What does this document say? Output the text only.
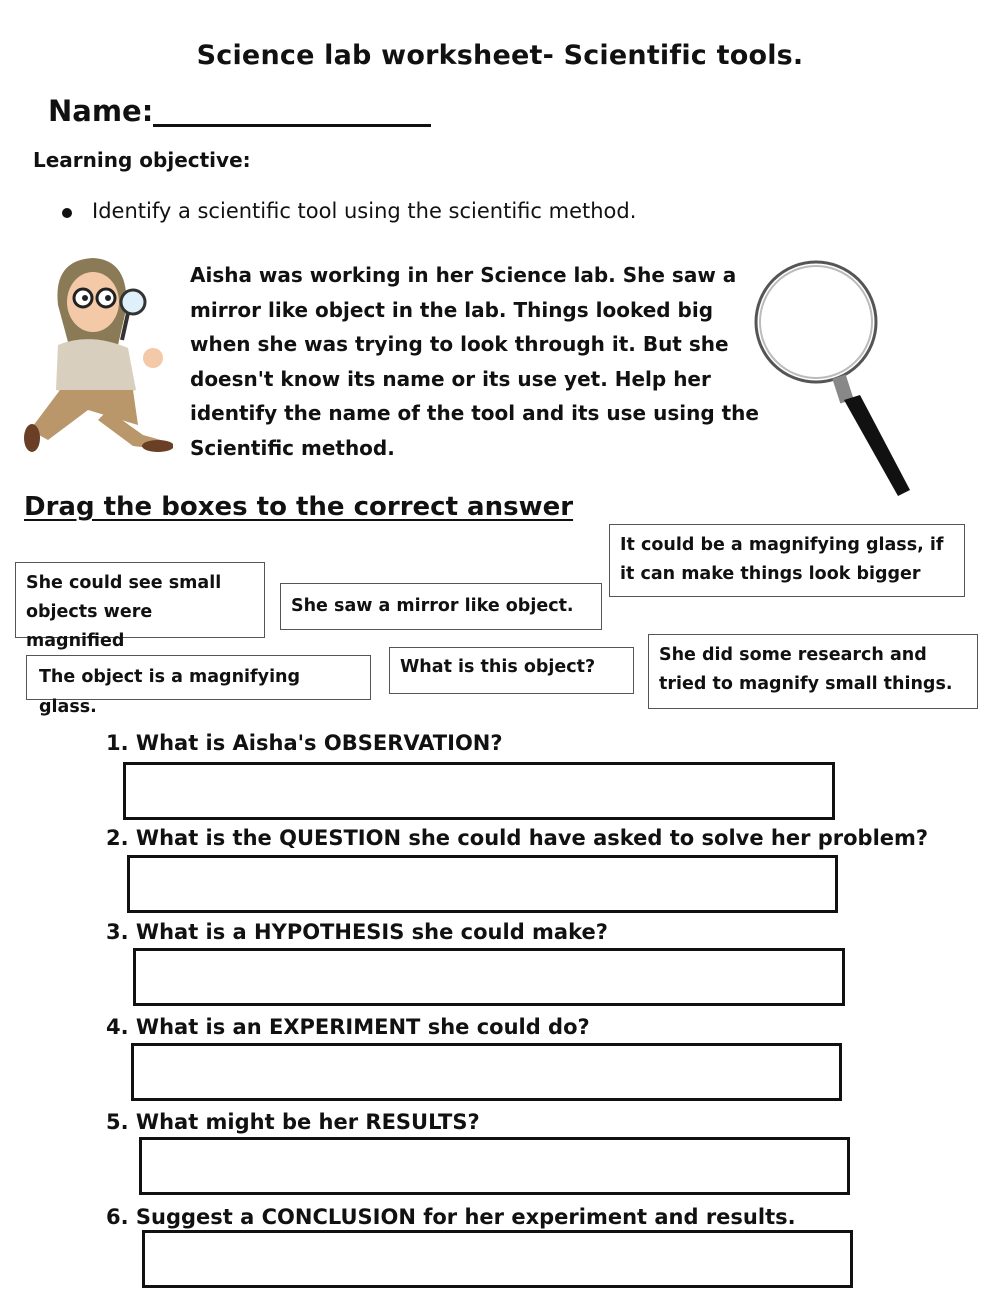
Science lab worksheet- Scientific tools.
Name:
Learning objective:
Identify a scientific tool using the scientific method.
Aisha was working in her Science lab. She saw a mirror like object in the lab. Things looked big when she was trying to look through it. But she doesn't know its name or its use yet. Help her identify the name of the tool and its use using the Scientific method.
Drag the boxes to the correct answer
It could be a magnifying glass, if it can make things look bigger
She could see small objects were magnified
She saw a mirror like object.
The object is a magnifying glass.
What is this object?
She did some research and tried to magnify small things.
1. What is Aisha's OBSERVATION?
2. What is the QUESTION she could have asked to solve her problem?
3. What is a HYPOTHESIS she could make?
4. What is an EXPERIMENT she could do?
5. What might be her RESULTS?
6. Suggest a CONCLUSION for her experiment and results.
